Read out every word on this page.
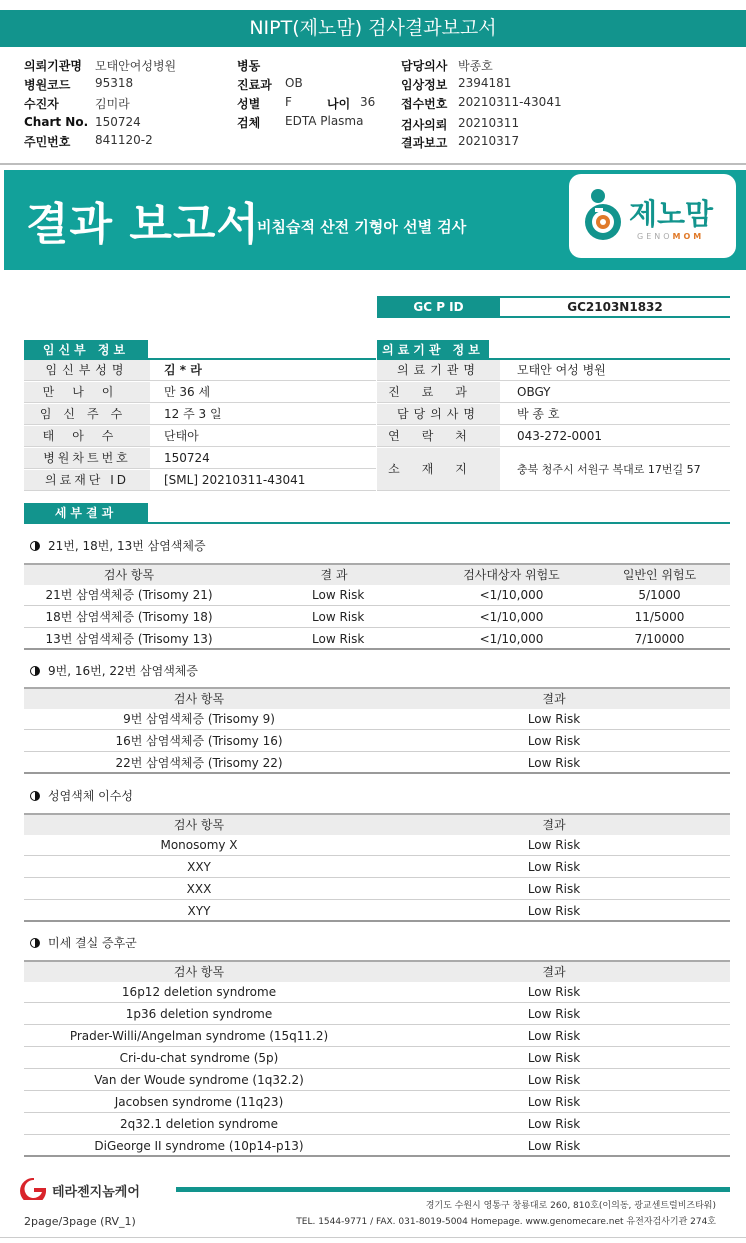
NIPT(제노맘) 검사결과보고서
의뢰기관명 모태안여성병원
병원코드 95318
수진자	김미라
Chart No. 150724
주민번호 841120-2
병동
진료과 OB
성별 F	나이 36
검체 EDTA Plasma
담당의사 박종호
임상정보 2394181
접수번호 20210311-43041
검사의뢰 20210311
결과보고 20210317
결과 보고서
비침습적 산전 기형아 선별 검사	제노맘
GENOMOM
GC P ID	GC2103N1832
임신부 정보
임신부성명	김 * 라
만나이	만 36 세
임신주수	12 주 3 일
태아수	단태아
병원차트번호	150724
의료재단 ID	[SML] 20210311-43041
의료기관 정보
의료기관명	모태안 여성 병원
진료과	OBGY
담당의사명	박 종 호
연락처	043-272-0001
소재지	충북 청주시 서원구 복대로 17번길 57
세부결과
21번, 18번, 13번 삼염색체증
검사 항목	결 과	검사대상자 위험도	일반인 위험도
21번 삼염색체증 (Trisomy 21)	Low Risk	<1/10,000	5/1000
18번 삼염색체증 (Trisomy 18)	Low Risk	<1/10,000	11/5000
13번 삼염색체증 (Trisomy 13)	Low Risk	<1/10,000	7/10000
9번, 16번, 22번 삼염색체증
검사 항목	결과
9번 삼염색체증 (Trisomy 9)	Low Risk
16번 삼염색체증 (Trisomy 16)	Low Risk
22번 삼염색체증 (Trisomy 22)	Low Risk
성염색체 이수성
검사 항목	결과
Monosomy X	Low Risk
XXY	Low Risk
XXX	Low Risk
XYY	Low Risk
미세 결실 증후군
검사 항목	결과
16p12 deletion syndrome	Low Risk
1p36 deletion syndrome	Low Risk
Prader-Willi/Angelman syndrome (15q11.2)	Low Risk
Cri-du-chat syndrome (5p)	Low Risk
Van der Woude syndrome (1q32.2)	Low Risk
Jacobsen syndrome (11q23)	Low Risk
2q32.1 deletion syndrome	Low Risk
DiGeorge II syndrome (10p14-p13)	Low Risk
테라젠지놈케어
경기도 수원시 영통구 창룡대로 260, 810호(이의동, 광교센트럴비즈타워)
TEL. 1544-9771 / FAX. 031-8019-5004 Homepage. www.genomecare.net 유전자검사기관 274호
2page/3page (RV_1)
